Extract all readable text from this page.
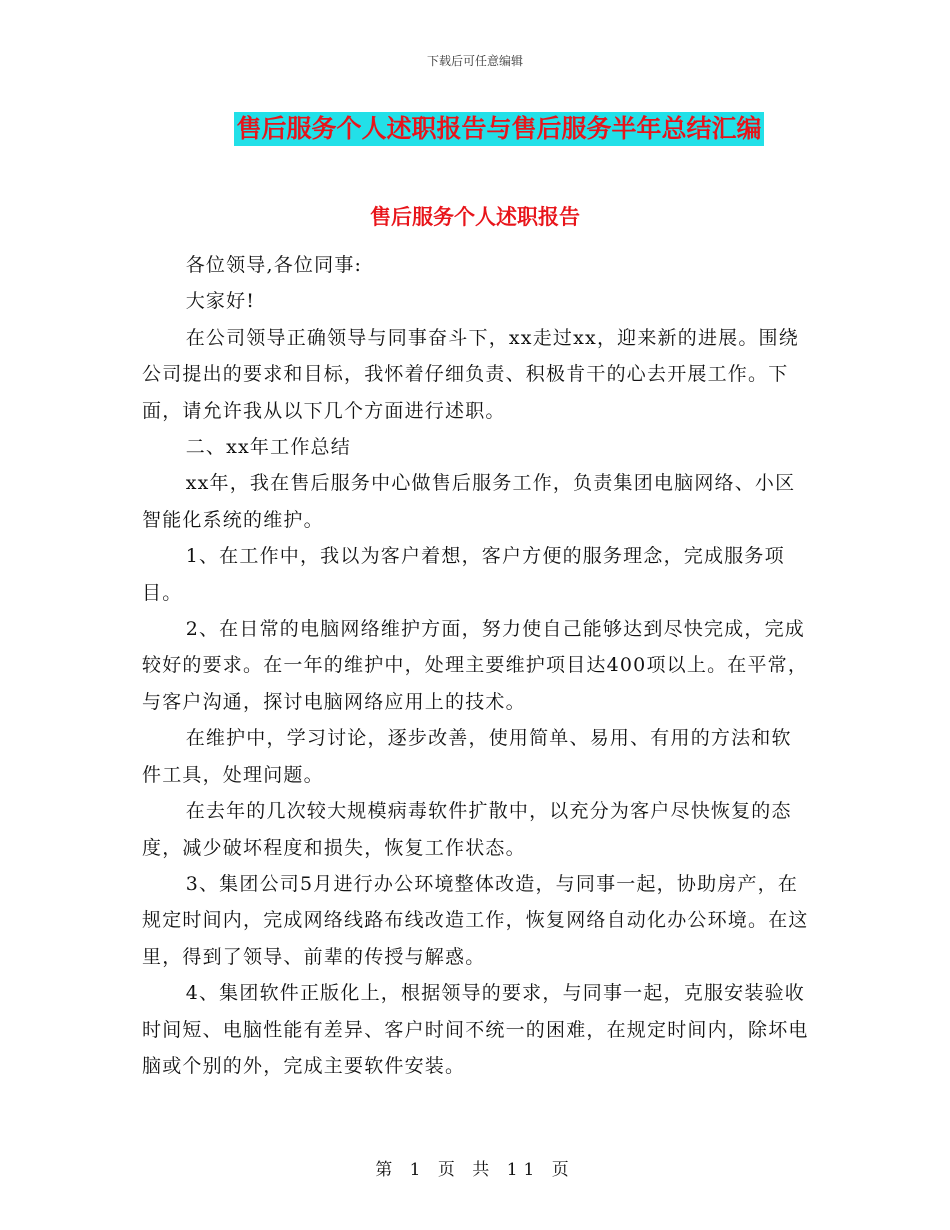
下载后可任意编辑
售后服务个人述职报告与售后服务半年总结汇编
售后服务个人述职报告

各位领导,各位同事:

大家好!

在公司领导正确领导与同事奋斗下，xx走过xx，迎来新的进展。围绕公司提出的要求和目标，我怀着仔细负责、积极肯干的心去开展工作。下面，请允许我从以下几个方面进行述职。

二、xx年工作总结

xx年，我在售后服务中心做售后服务工作，负责集团电脑网络、小区智能化系统的维护。

1、在工作中，我以为客户着想，客户方便的服务理念，完成服务项目。

2、在日常的电脑网络维护方面，努力使自己能够达到尽快完成，完成较好的要求。在一年的维护中，处理主要维护项目达400项以上。在平常，与客户沟通，探讨电脑网络应用上的技术。

在维护中，学习讨论，逐步改善，使用简单、易用、有用的方法和软件工具，处理问题。

在去年的几次较大规模病毒软件扩散中，以充分为客户尽快恢复的态度，减少破坏程度和损失，恢复工作状态。

3、集团公司5月进行办公环境整体改造，与同事一起，协助房产，在规定时间内，完成网络线路布线改造工作，恢复网络自动化办公环境。在这里，得到了领导、前辈的传授与解惑。

4、集团软件正版化上，根据领导的要求，与同事一起，克服安装验收时间短、电脑性能有差异、客户时间不统一的困难，在规定时间内，除坏电脑或个别的外，完成主要软件安装。

第 1 页 共 11 页
